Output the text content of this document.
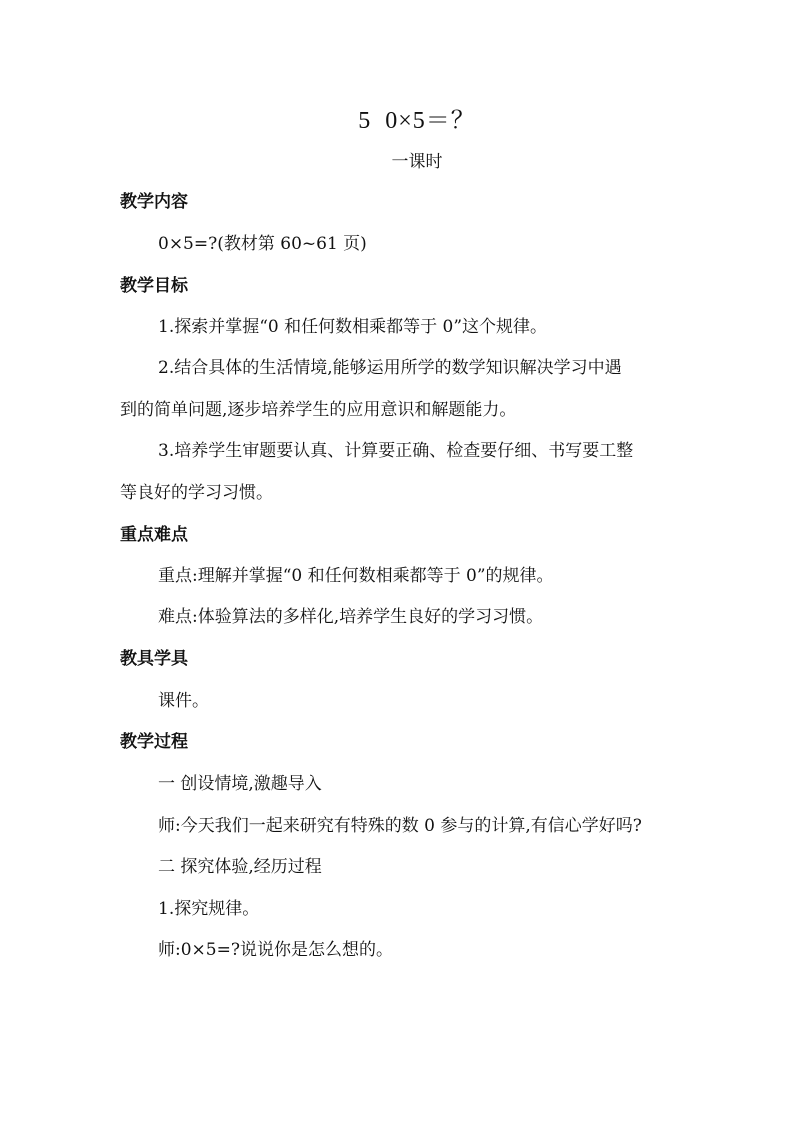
5 0×5＝？
一课时
教学内容
0×5=?(教材第 60~61 页)
教学目标
1.探索并掌握“0 和任何数相乘都等于 0”这个规律。
2.结合具体的生活情境,能够运用所学的数学知识解决学习中遇
到的简单问题,逐步培养学生的应用意识和解题能力。
3.培养学生审题要认真、计算要正确、检查要仔细、书写要工整
等良好的学习习惯。
重点难点
重点:理解并掌握“0 和任何数相乘都等于 0”的规律。
难点:体验算法的多样化,培养学生良好的学习习惯。
教具学具
课件。
教学过程
一 创设情境,激趣导入
师:今天我们一起来研究有特殊的数 0 参与的计算,有信心学好吗?
二 探究体验,经历过程
1.探究规律。
师:0×5=?说说你是怎么想的。
